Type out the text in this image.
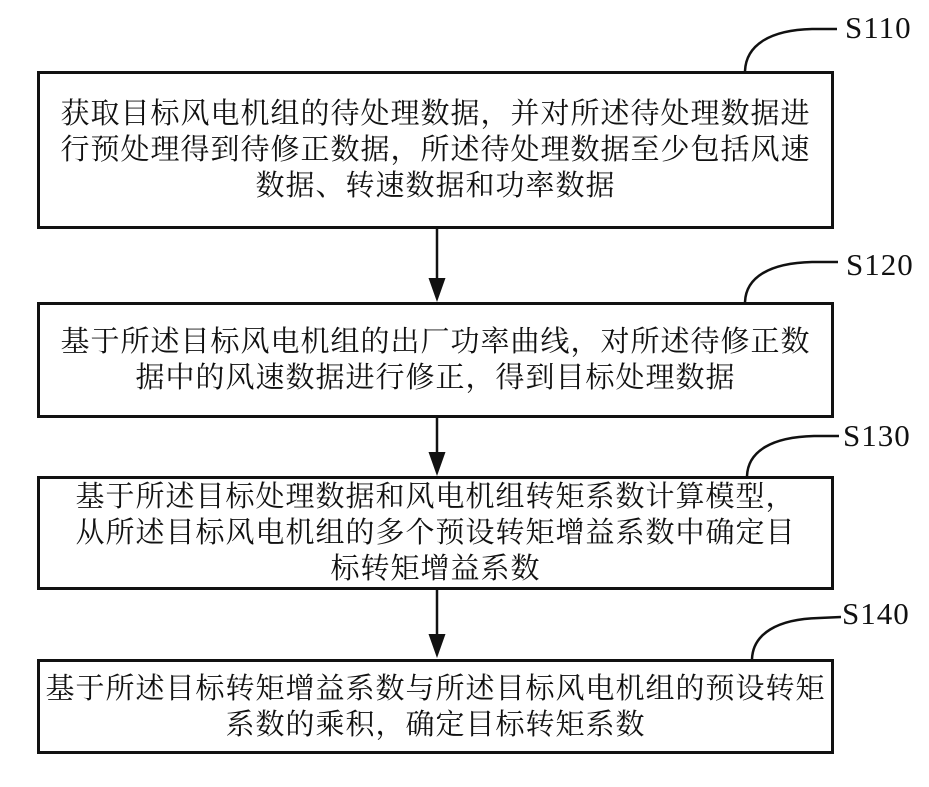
获取目标风电机组的待处理数据，并对所述待处理数据进
行预处理得到待修正数据，所述待处理数据至少包括风速
数据、转速数据和功率数据
基于所述目标风电机组的出厂功率曲线，对所述待修正数
据中的风速数据进行修正，得到目标处理数据
基于所述目标处理数据和风电机组转矩系数计算模型，
从所述目标风电机组的多个预设转矩增益系数中确定目
标转矩增益系数
基于所述目标转矩增益系数与所述目标风电机组的预设转矩
系数的乘积，确定目标转矩系数
S110
S120
S130
S140
